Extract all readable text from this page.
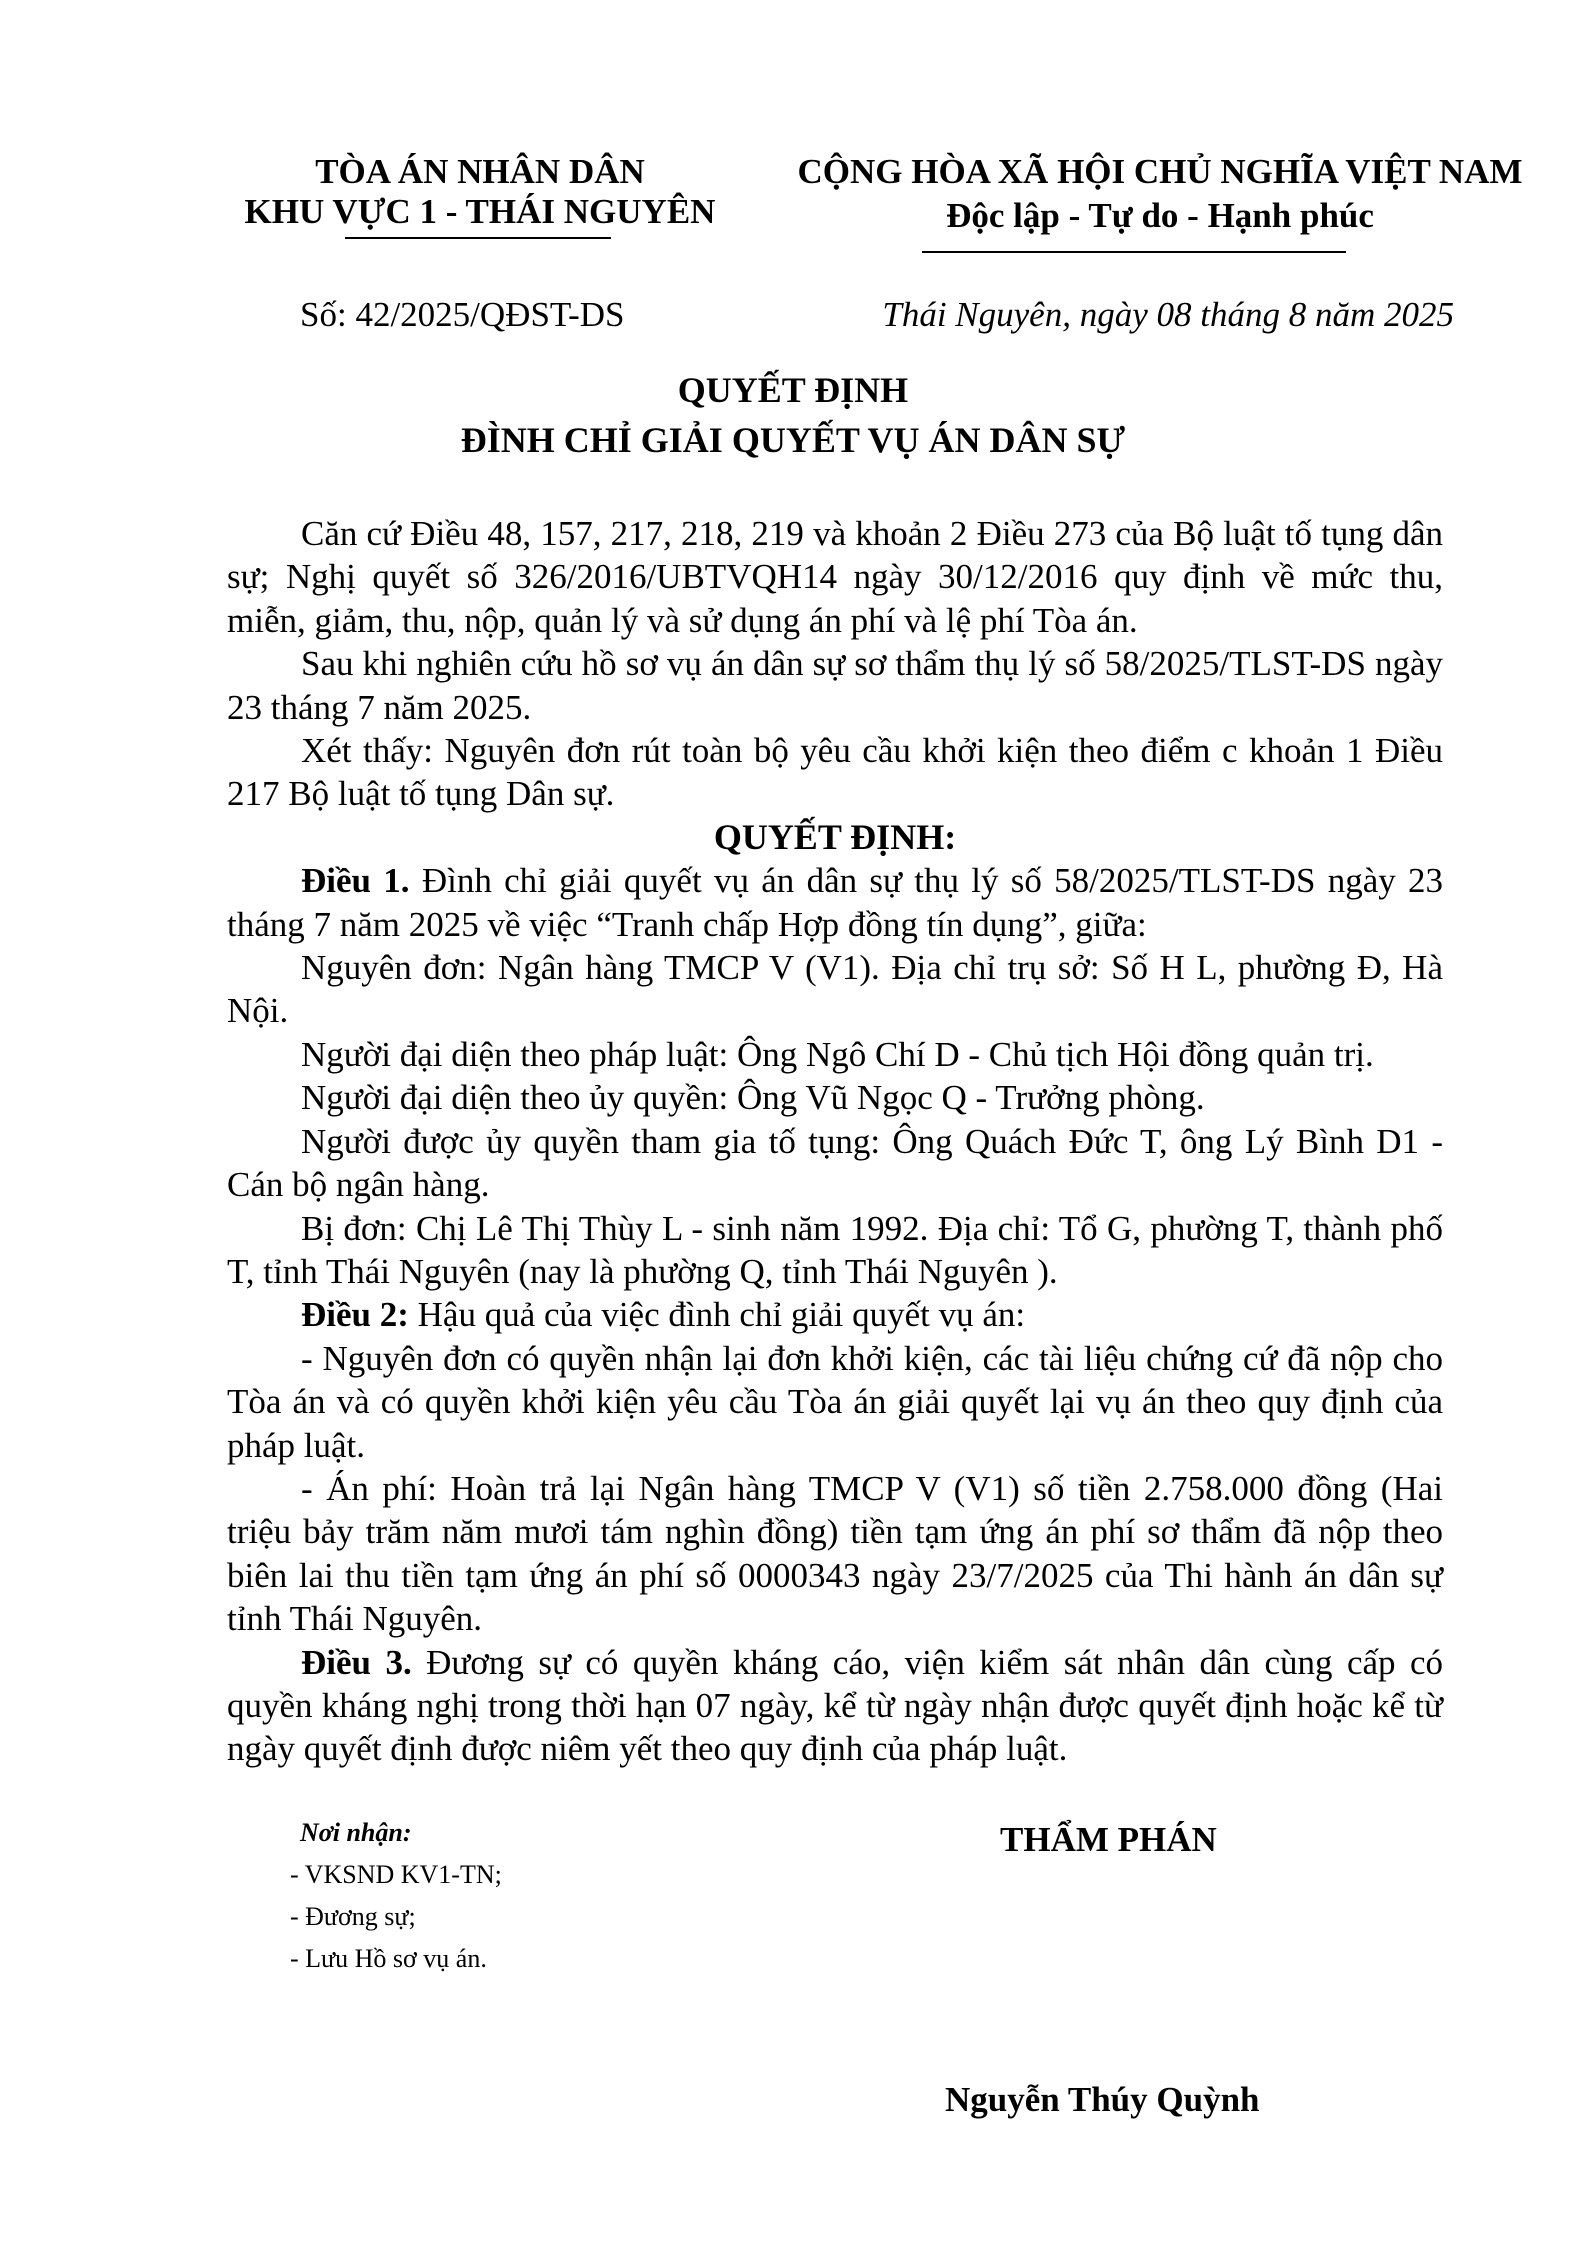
TÒA ÁN NHÂN DÂN
KHU VỰC 1 - THÁI NGUYÊN
CỘNG HÒA XÃ HỘI CHỦ NGHĨA VIỆT NAM
Độc lập - Tự do - Hạnh phúc
Số: 42/2025/QĐST-DS	Thái Nguyên, ngày 08 tháng 8 năm 2025
QUYẾT ĐỊNH
ĐÌNH CHỈ GIẢI QUYẾT VỤ ÁN DÂN SỰ

Căn cứ Điều 48, 157, 217, 218, 219 và khoản 2 Điều 273 của Bộ luật tố tụng dân sự; Nghị quyết số 326/2016/UBTVQH14 ngày 30/12/2016 quy định về mức thu, miễn, giảm, thu, nộp, quản lý và sử dụng án phí và lệ phí Tòa án.

Sau khi nghiên cứu hồ sơ vụ án dân sự sơ thẩm thụ lý số 58/2025/TLST-DS ngày 23 tháng 7 năm 2025.

Xét thấy: Nguyên đơn rút toàn bộ yêu cầu khởi kiện theo điểm c khoản 1 Điều 217 Bộ luật tố tụng Dân sự.

QUYẾT ĐỊNH:

Điều 1. Đình chỉ giải quyết vụ án dân sự thụ lý số 58/2025/TLST-DS ngày 23 tháng 7 năm 2025 về việc “Tranh chấp Hợp đồng tín dụng”, giữa:

Nguyên đơn: Ngân hàng TMCP V (V1). Địa chỉ trụ sở: Số H L, phường Đ, Hà Nội.

Người đại diện theo pháp luật: Ông Ngô Chí D - Chủ tịch Hội đồng quản trị.

Người đại diện theo ủy quyền: Ông Vũ Ngọc Q - Trưởng phòng.

Người được ủy quyền tham gia tố tụng: Ông Quách Đức T, ông Lý Bình D1 - Cán bộ ngân hàng.

Bị đơn: Chị Lê Thị Thùy L - sinh năm 1992. Địa chỉ: Tổ G, phường T, thành phố T, tỉnh Thái Nguyên (nay là phường Q, tỉnh Thái Nguyên ).

Điều 2: Hậu quả của việc đình chỉ giải quyết vụ án:

- Nguyên đơn có quyền nhận lại đơn khởi kiện, các tài liệu chứng cứ đã nộp cho Tòa án và có quyền khởi kiện yêu cầu Tòa án giải quyết lại vụ án theo quy định của pháp luật.

- Án phí: Hoàn trả lại Ngân hàng TMCP V (V1) số tiền 2.758.000 đồng (Hai triệu bảy trăm năm mươi tám nghìn đồng) tiền tạm ứng án phí sơ thẩm đã nộp theo biên lai thu tiền tạm ứng án phí số 0000343 ngày 23/7/2025 của Thi hành án dân sự tỉnh Thái Nguyên.

Điều 3. Đương sự có quyền kháng cáo, viện kiểm sát nhân dân cùng cấp có quyền kháng nghị trong thời hạn 07 ngày, kể từ ngày nhận được quyết định hoặc kể từ ngày quyết định được niêm yết theo quy định của pháp luật.

Nơi nhận:
- VKSND KV1-TN;
- Đương sự;
- Lưu Hồ sơ vụ án.
THẨM PHÁN
Nguyễn Thúy Quỳnh
